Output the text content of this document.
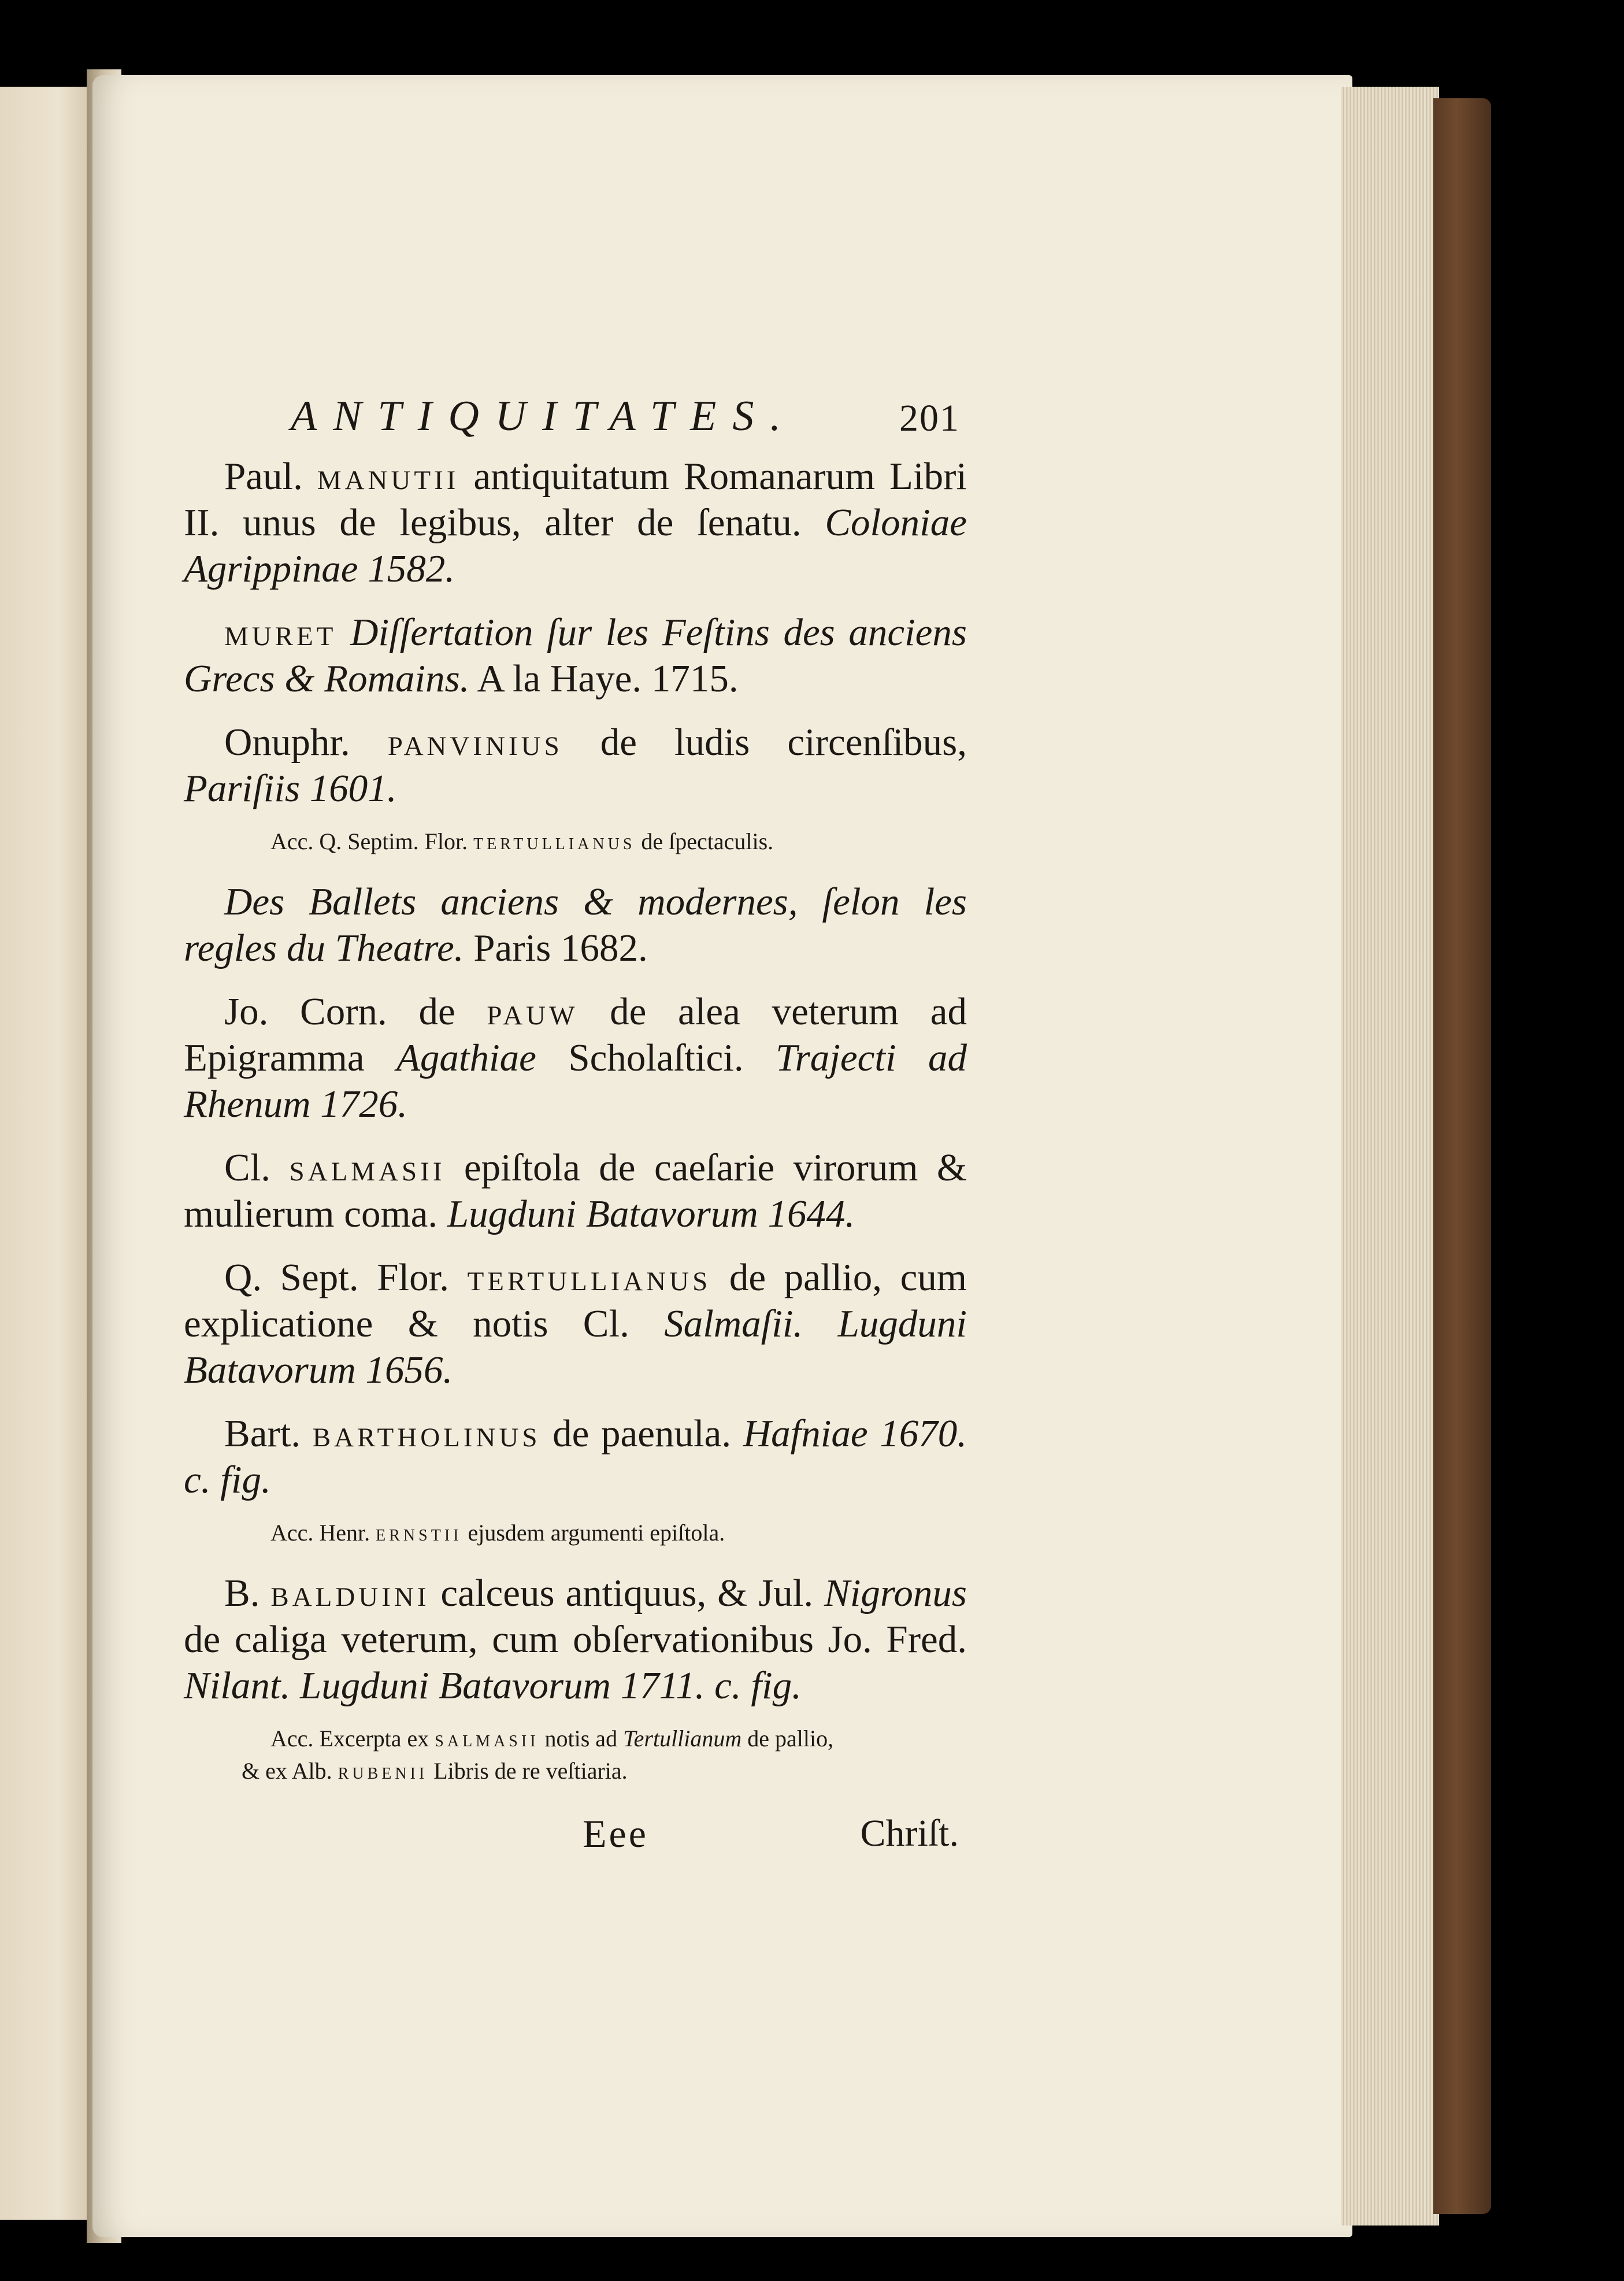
ANTIQUITATES.	201

Paul. manutii antiquitatum Romanarum Libri II. unus de legibus, alter de ſenatu. Coloniae Agrippinae 1582.

muret Diſſertation ſur les Feſtins des anciens Grecs & Romains. A la Haye. 1715.

Onuphr. panvinius de ludis circenſibus, Pariſiis 1601.

Acc. Q. Septim. Flor. tertullianus de ſpectaculis.

Des Ballets anciens & modernes, ſelon les regles du Theatre. Paris 1682.

Jo. Corn. de pauw de alea veterum ad Epigramma Agathiae Scholaſtici. Trajecti ad Rhenum 1726.

Cl. salmasii epiſtola de caeſarie virorum & mulierum coma. Lugduni Batavorum 1644.

Q. Sept. Flor. tertullianus de pallio, cum explicatione & notis Cl. Salmaſii. Lugduni Batavorum 1656.

Bart. bartholinus de paenula. Hafniae 1670. c. fig.

Acc. Henr. ernstii ejusdem argumenti epiſtola.

B. balduini calceus antiquus, & Jul. Nigronus de caliga veterum, cum obſervationibus Jo. Fred. Nilant. Lugduni Batavorum 1711. c. fig.

Acc. Excerpta ex salmasii notis ad Tertullianum de pallio,
& ex Alb. rubenii Libris de re veſtiaria.

Eee	Chriſt.
